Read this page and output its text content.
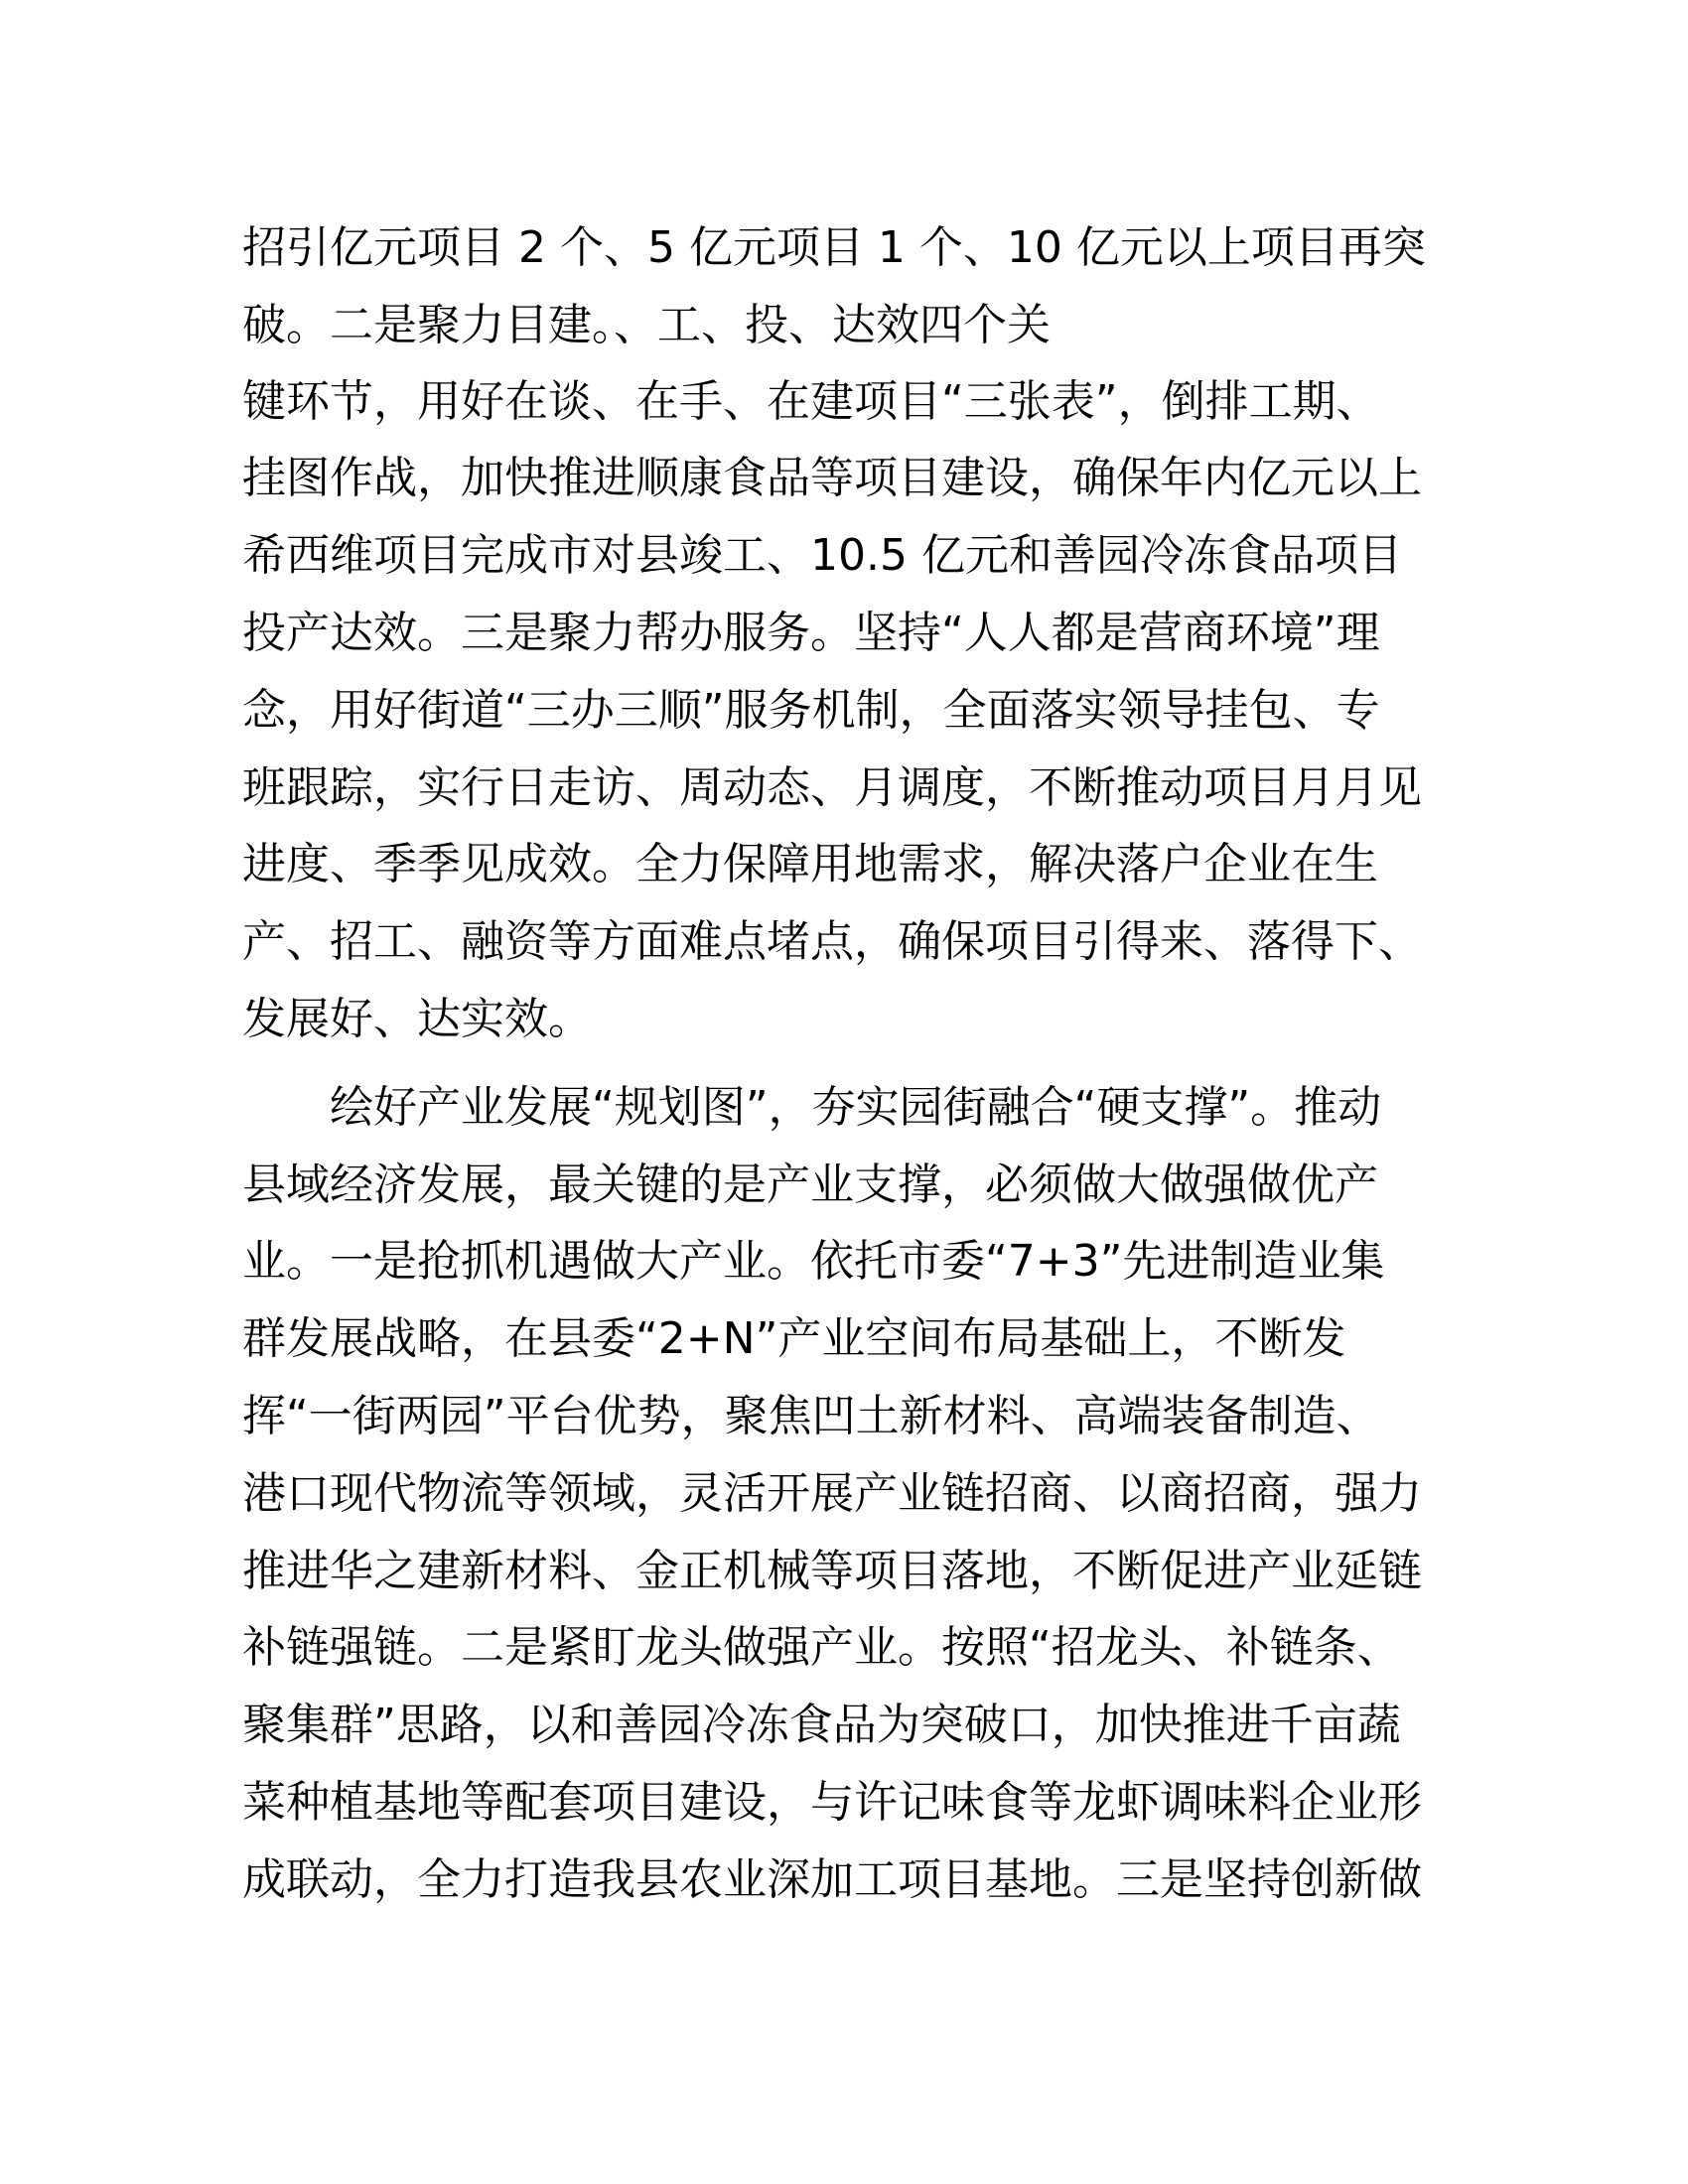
招引亿元项目 2 个、5 亿元项目 1 个、10 亿元以上项目再突
破。二是聚力目建。、工、投、达效四个关
键环节，用好在谈、在手、在建项目“三张表”，倒排工期、
挂图作战，加快推进顺康食品等项目建设，确保年内亿元以上
希西维项目完成市对县竣工、10.5 亿元和善园冷冻食品项目
投产达效。三是聚力帮办服务。坚持“人人都是营商环境”理
念，用好街道“三办三顺”服务机制，全面落实领导挂包、专
班跟踪，实行日走访、周动态、月调度，不断推动项目月月见
进度、季季见成效。全力保障用地需求，解决落户企业在生
产、招工、融资等方面难点堵点，确保项目引得来、落得下、
发展好、达实效。
绘好产业发展“规划图”，夯实园街融合“硬支撑”。推动
县域经济发展，最关键的是产业支撑，必须做大做强做优产
业。一是抢抓机遇做大产业。依托市委“7+3”先进制造业集
群发展战略，在县委“2+N”产业空间布局基础上，不断发
挥“一街两园”平台优势，聚焦凹土新材料、高端装备制造、
港口现代物流等领域，灵活开展产业链招商、以商招商，强力
推进华之建新材料、金正机械等项目落地，不断促进产业延链
补链强链。二是紧盯龙头做强产业。按照“招龙头、补链条、
聚集群”思路，以和善园冷冻食品为突破口，加快推进千亩蔬
菜种植基地等配套项目建设，与许记味食等龙虾调味料企业形
成联动，全力打造我县农业深加工项目基地。三是坚持创新做
